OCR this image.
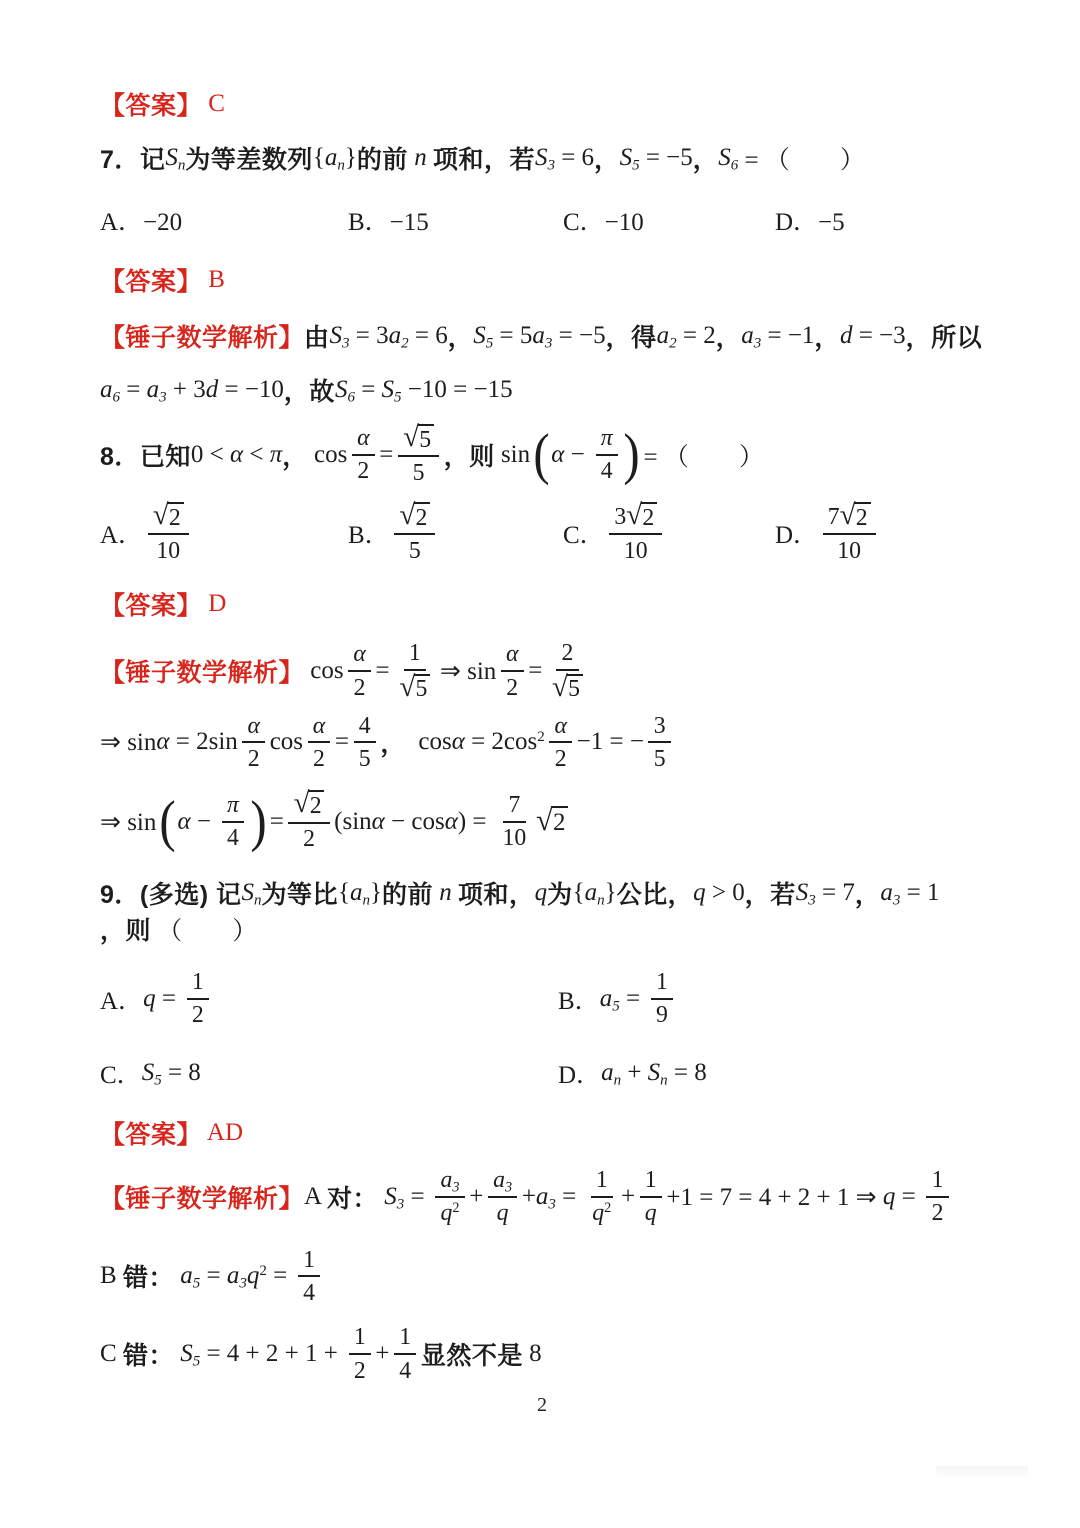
【答案】 C
7．记 $S_n$ 为等差数列 { $a_n$ } 的前 n 项和，若 $S_3 = 6$ ， $S_5 = -5$ ， $S_6$ = （　　）
A．−20	B．−15	C．−10	D．−5
【答案】 B
【锤子数学解析】 由 $S_3 = 3$ $a_2 = 6$ ， $S_5 = 5$ $a_3 = -5$ ，得 $a_2 = 2$ ， $a_3 = -1$ ， d = −3 ，所以
$a_6 = a_3 + 3$ d = −10 ，故 $S_6 = S_5 -10 = -15$
8．已知 0 < α < π ， $\cos \frac{\alpha}{2} = \frac{√ 5}{5}$ ，则 sin ( $\alpha - \frac{\pi}{4}$ ) = （　　）
A． $\frac{√ 2}{10}$	B． $\frac{√ 2}{5}$	C． $\frac{3 √ 2}{10}$	D． $\frac{7 √ 2}{10}$
【答案】 D
【锤子数学解析】 $\cos \frac{\alpha}{2} = \frac{1}{√ 5}$ ⇒ $\sin \frac{\alpha}{2} = \frac{2}{√ 5}$
⇒ $\sin \alpha = 2\sin \frac{\alpha}{2}$ $\cos \frac{\alpha}{2} = \frac{4}{5}$ ， $\cos \alpha = 2\cos^2 \frac{\alpha}{2} -1$ = − $\frac{3}{5}$
⇒ sin ( $\alpha - \frac{\pi}{4}$ ) = $\frac{√ 2}{2} (\sin$ α − cos α ) = $\frac{7}{10}$ √ 2
9．(多选) 记 $S_n$ 为等比 { $a_n$ } 的前 n 项和， q 为 { $a_n$ } 公比， q > 0 ，若 $S_3 = 7$ ， $a_3 = 1$
，则 （　　）
A． $q = \frac{1}{2}$	B． $a_5 = \frac{1}{9}$
C． $S_5 = 8$	D． $a_n + S_n = 8$
【答案】 AD
【锤子数学解析】 A 对： $S_3 = \frac{a_3}{q^2} + \frac{a_3}{q} + a_3 = \frac{1}{q^2} + \frac{1}{q} +1 = 7 = 4 + 2 + 1$ ⇒ $q = \frac{1}{2}$
B 错： $a_5 = a_3$ $q^2 = \frac{1}{4}$
C 错： $S_5 = 4 + 2 + 1 + \frac{1}{2} + \frac{1}{4}$ 显然不是 8
2
